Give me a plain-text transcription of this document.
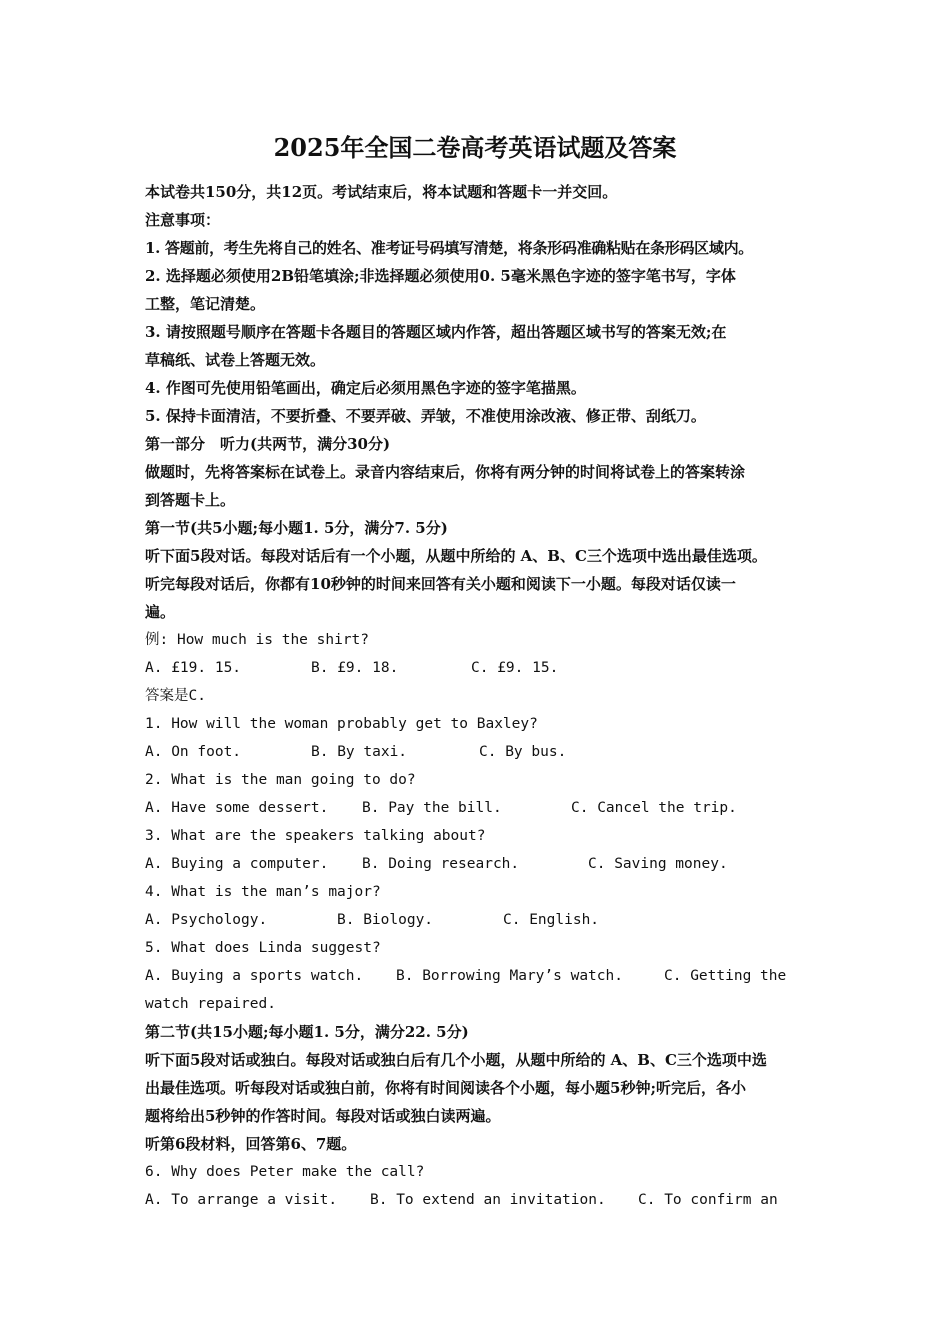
2025年全国二卷高考英语试题及答案
本试卷共150分，共12页。考试结束后，将本试题和答题卡一并交回。
注意事项：
1. 答题前，考生先将自己的姓名、准考证号码填写清楚，将条形码准确粘贴在条形码区域内。
2. 选择题必须使用2B铅笔填涂;非选择题必须使用0. 5毫米黑色字迹的签字笔书写，字体
工整，笔记清楚。
3. 请按照题号顺序在答题卡各题目的答题区域内作答，超出答题区域书写的答案无效;在
草稿纸、试卷上答题无效。
4. 作图可先使用铅笔画出，确定后必须用黑色字迹的签字笔描黑。
5. 保持卡面清洁，不要折叠、不要弄破、弄皱，不准使用涂改液、修正带、刮纸刀。
第一部分　听力(共两节，满分30分)
做题时，先将答案标在试卷上。录音内容结束后，你将有两分钟的时间将试卷上的答案转涂
到答题卡上。
第一节(共5小题;每小题1. 5分，满分7. 5分)
听下面5段对话。每段对话后有一个小题，从题中所给的 A、B、C三个选项中选出最佳选项。
听完每段对话后，你都有10秒钟的时间来回答有关小题和阅读下一小题。每段对话仅读一
遍。
例: How much is the shirt?
A. £19. 15.	B. £9. 18.	C. £9. 15.
答案是C.
1. How will the woman probably get to Baxley?
A. On foot.	B. By taxi.	C. By bus.
2. What is the man going to do?
A. Have some dessert. B. Pay the bill.	C. Cancel the trip.
3. What are the speakers talking about?
A. Buying a computer. B. Doing research.	C. Saving money.
4. What is the man’s major?
A. Psychology.	B. Biology.	C. English.
5. What does Linda suggest?
A. Buying a sports watch. B. Borrowing Mary’s watch.	C. Getting the
watch repaired.
第二节(共15小题;每小题1. 5分，满分22. 5分)
听下面5段对话或独白。每段对话或独白后有几个小题，从题中所给的 A、B、C三个选项中选
出最佳选项。听每段对话或独白前，你将有时间阅读各个小题，每小题5秒钟;听完后，各小
题将给出5秒钟的作答时间。每段对话或独白读两遍。
听第6段材料，回答第6、7题。
6. Why does Peter make the call?
A. To arrange a visit. B. To extend an invitation. C. To confirm an
